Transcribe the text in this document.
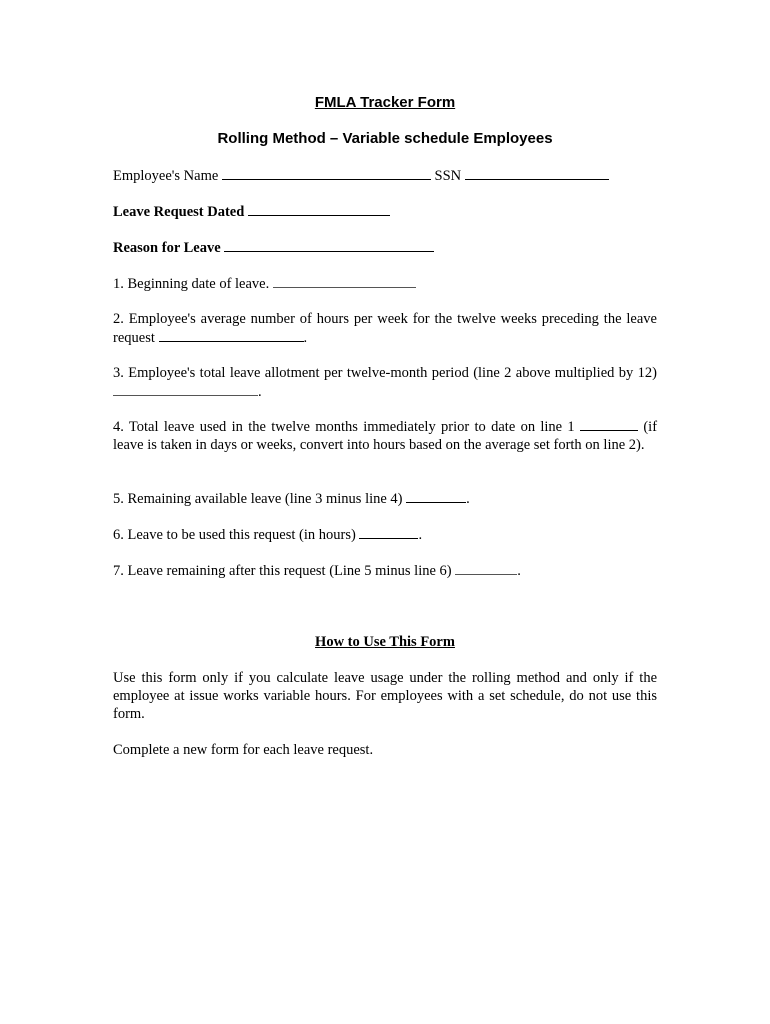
FMLA Tracker Form
Rolling Method – Variable schedule Employees
Employee's Name	SSN
Leave Request Dated
Reason for Leave
1. Beginning date of leave.
2. Employee's average number of hours per week for the twelve weeks preceding the leave request	.
3. Employee's total leave allotment per twelve-month period (line 2 above multiplied by 12) .
4. Total leave used in the twelve months immediately prior to date on line 1	(if leave is taken in days or weeks, convert into hours based on the average set forth on line 2).
5. Remaining available leave (line 3 minus line 4)	.
6. Leave to be used this request (in hours)	.
7. Leave remaining after this request (Line 5 minus line 6)	.
How to Use This Form
Use this form only if you calculate leave usage under the rolling method and only if the employee at issue works variable hours. For employees with a set schedule, do not use this form.
Complete a new form for each leave request.
